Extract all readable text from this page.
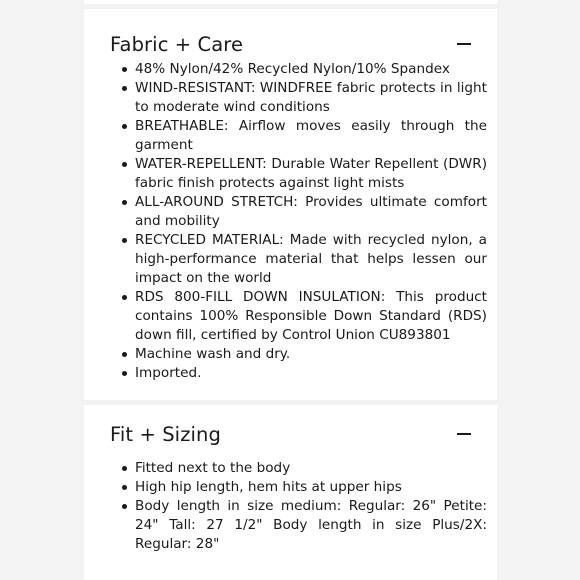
Fabric + Care
48% Nylon/42% Recycled Nylon/10% Spandex
WIND-RESISTANT: WINDFREE fabric protects in light to moderate wind conditions
BREATHABLE: Airflow moves easily through the garment
WATER-REPELLENT: Durable Water Repellent (DWR) fabric finish protects against light mists
ALL-AROUND STRETCH: Provides ultimate comfort and mobility
RECYCLED MATERIAL: Made with recycled nylon, a high-performance material that helps lessen our impact on the world
RDS 800-FILL DOWN INSULATION: This product contains 100% Responsible Down Standard (RDS) down fill, certified by Control Union CU893801
Machine wash and dry.
Imported.
Fit + Sizing
Fitted next to the body
High hip length, hem hits at upper hips
Body length in size medium: Regular: 26" Petite: 24" Tall: 27 1/2" Body length in size Plus/2X: Regular: 28"
